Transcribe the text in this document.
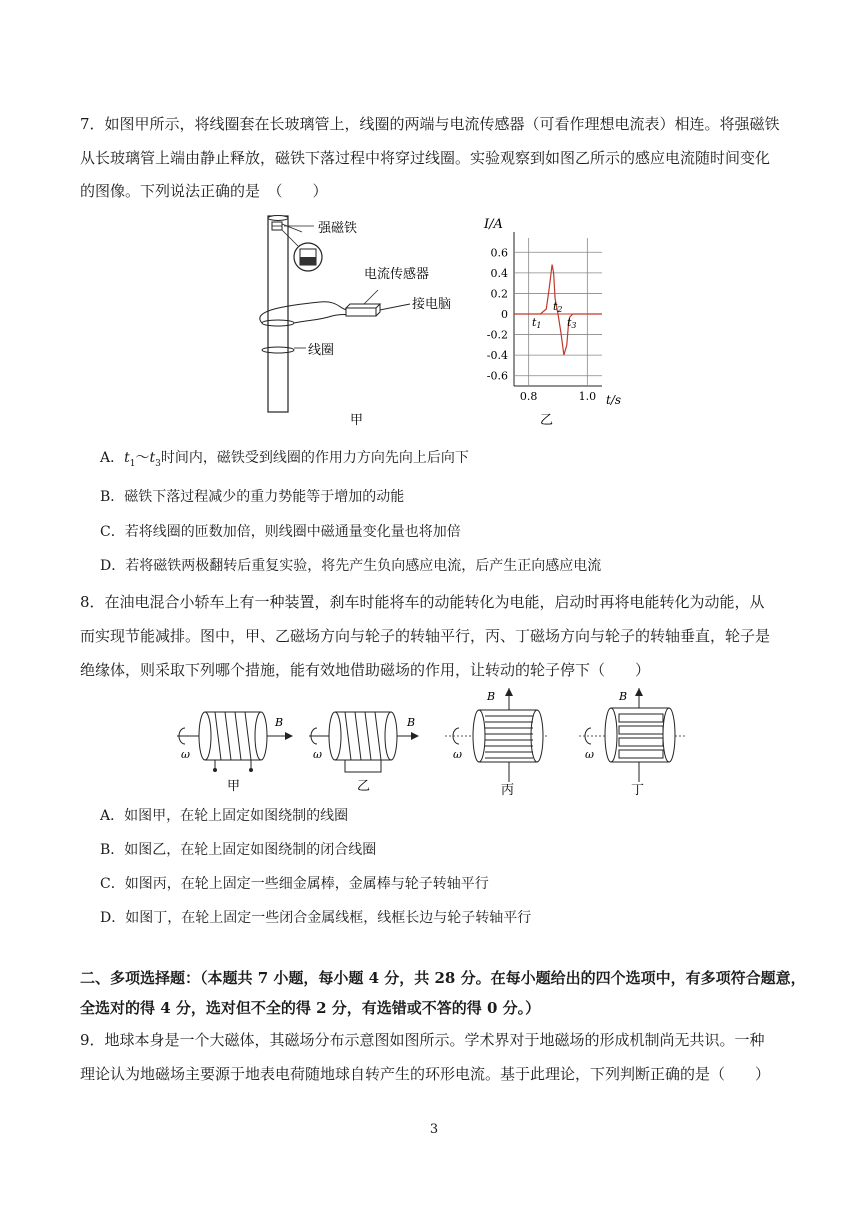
7．如图甲所示，将线圈套在长玻璃管上，线圈的两端与电流传感器（可看作理想电流表）相连。将强磁铁
从长玻璃管上端由静止释放，磁铁下落过程中将穿过线圈。实验观察到如图乙所示的感应电流随时间变化
的图像。下列说法正确的是　（　　）
强磁铁
电流传感器
接电脑
线圈
甲
0.6
0.4
0.2
0
-0.2
-0.4
-0.6
0.8	1.0
I/A
t/s
乙
t1
t2
t3
A．$t_1\sim t_3$时间内，磁铁受到线圈的作用力方向先向上后向下
B．磁铁下落过程减少的重力势能等于增加的动能
C．若将线圈的匝数加倍，则线圈中磁通量变化量也将加倍
D．若将磁铁两极翻转后重复实验，将先产生负向感应电流，后产生正向感应电流
8．在油电混合小轿车上有一种装置，刹车时能将车的动能转化为电能，启动时再将电能转化为动能，从
而实现节能减排。图中，甲、乙磁场方向与轮子的转轴平行，丙、丁磁场方向与轮子的转轴垂直，轮子是
绝缘体，则采取下列哪个措施，能有效地借助磁场的作用，让转动的轮子停下（　　）
B
ω
甲
B
ω
乙
B
ω
丙
B
ω
丁
A．如图甲，在轮上固定如图绕制的线圈
B．如图乙，在轮上固定如图绕制的闭合线圈
C．如图丙，在轮上固定一些细金属棒，金属棒与轮子转轴平行
D．如图丁，在轮上固定一些闭合金属线框，线框长边与轮子转轴平行
二、多项选择题：（本题共 7 小题，每小题 4 分，共 28 分。在每小题给出的四个选项中，有多项符合题意，
全选对的得 4 分，选对但不全的得 2 分，有选错或不答的得 0 分。）
9．地球本身是一个大磁体，其磁场分布示意图如图所示。学术界对于地磁场的形成机制尚无共识。一种
理论认为地磁场主要源于地表电荷随地球自转产生的环形电流。基于此理论，下列判断正确的是（　　）
3
